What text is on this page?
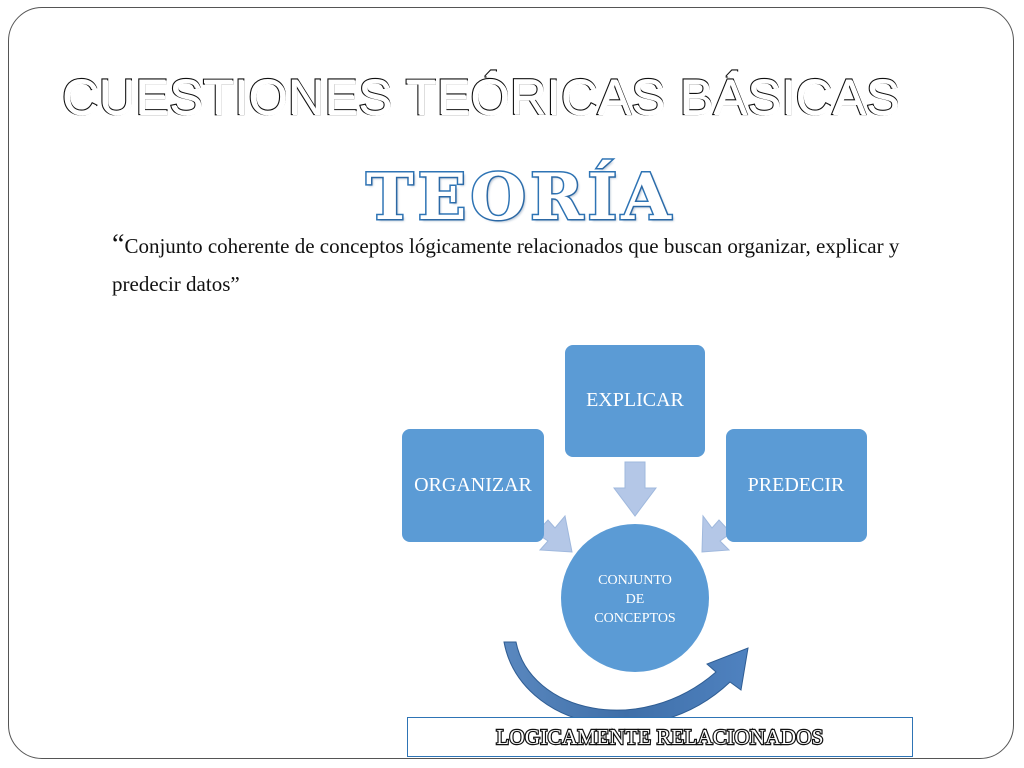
CUESTIONES TEÓRICAS BÁSICAS
TEORÍA
“Conjunto coherente de conceptos lógicamente relacionados que buscan organizar, explicar y predecir datos”
EXPLICAR
ORGANIZAR	PREDECIR
CONJUNTO
DE
CONCEPTOS
LOGICAMENTE RELACIONADOS
